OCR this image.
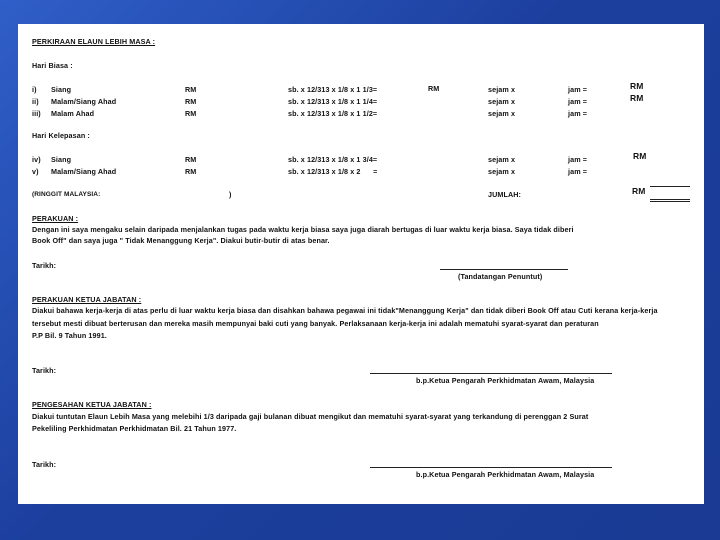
PERKIRAAN ELAUN LEBIH MASA :
Hari Biasa :
i) Siang	RM	sb. x 12/313 x 1/8 x 1 1/3=	RM	sejam x	jam =	RM
ii) Malam/Siang Ahad	RM	sb. x 12/313 x 1/8 x 1 1/4=	sejam x	jam =	RM
iii) Malam Ahad	RM	sb. x 12/313 x 1/8 x 1 1/2=	sejam x	jam =
Hari Kelepasan :
iv) Siang	RM	sb. x 12/313 x 1/8 x 1 3/4=	sejam x	jam =	RM
v) Malam/Siang Ahad	RM	sb. x 12/313 x 1/8 x 2      =	sejam x	jam =
(RINGGIT MALAYSIA:	)	JUMLAH:	RM
PERAKUAN :
Dengan ini saya mengaku selain daripada menjalankan tugas pada waktu kerja biasa saya juga diarah bertugas di luar waktu kerja biasa. Saya tidak diberi
Book Off" dan saya juga " Tidak Menanggung Kerja". Diakui butir-butir di atas benar.
Tarikh:
(Tandatangan Penuntut)
PERAKUAN KETUA JABATAN :
Diakui bahawa kerja-kerja di atas perlu di luar waktu kerja biasa dan disahkan bahawa pegawai ini tidak"Menanggung Kerja" dan tidak diberi Book Off atau Cuti kerana kerja-kerja
tersebut mesti dibuat berterusan dan mereka masih mempunyai baki cuti yang banyak. Perlaksanaan kerja-kerja ini adalah mematuhi syarat-syarat dan peraturan
P.P Bil. 9 Tahun 1991.
Tarikh:
b.p.Ketua Pengarah Perkhidmatan Awam, Malaysia
PENGESAHAN KETUA JABATAN :
Diakui tuntutan Elaun Lebih Masa yang melebihi 1/3 daripada gaji bulanan dibuat mengikut dan mematuhi syarat-syarat yang terkandung di perenggan 2 Surat
Pekeliling Perkhidmatan Perkhidmatan Bil. 21 Tahun 1977.
Tarikh:
b.p.Ketua Pengarah Perkhidmatan Awam, Malaysia
